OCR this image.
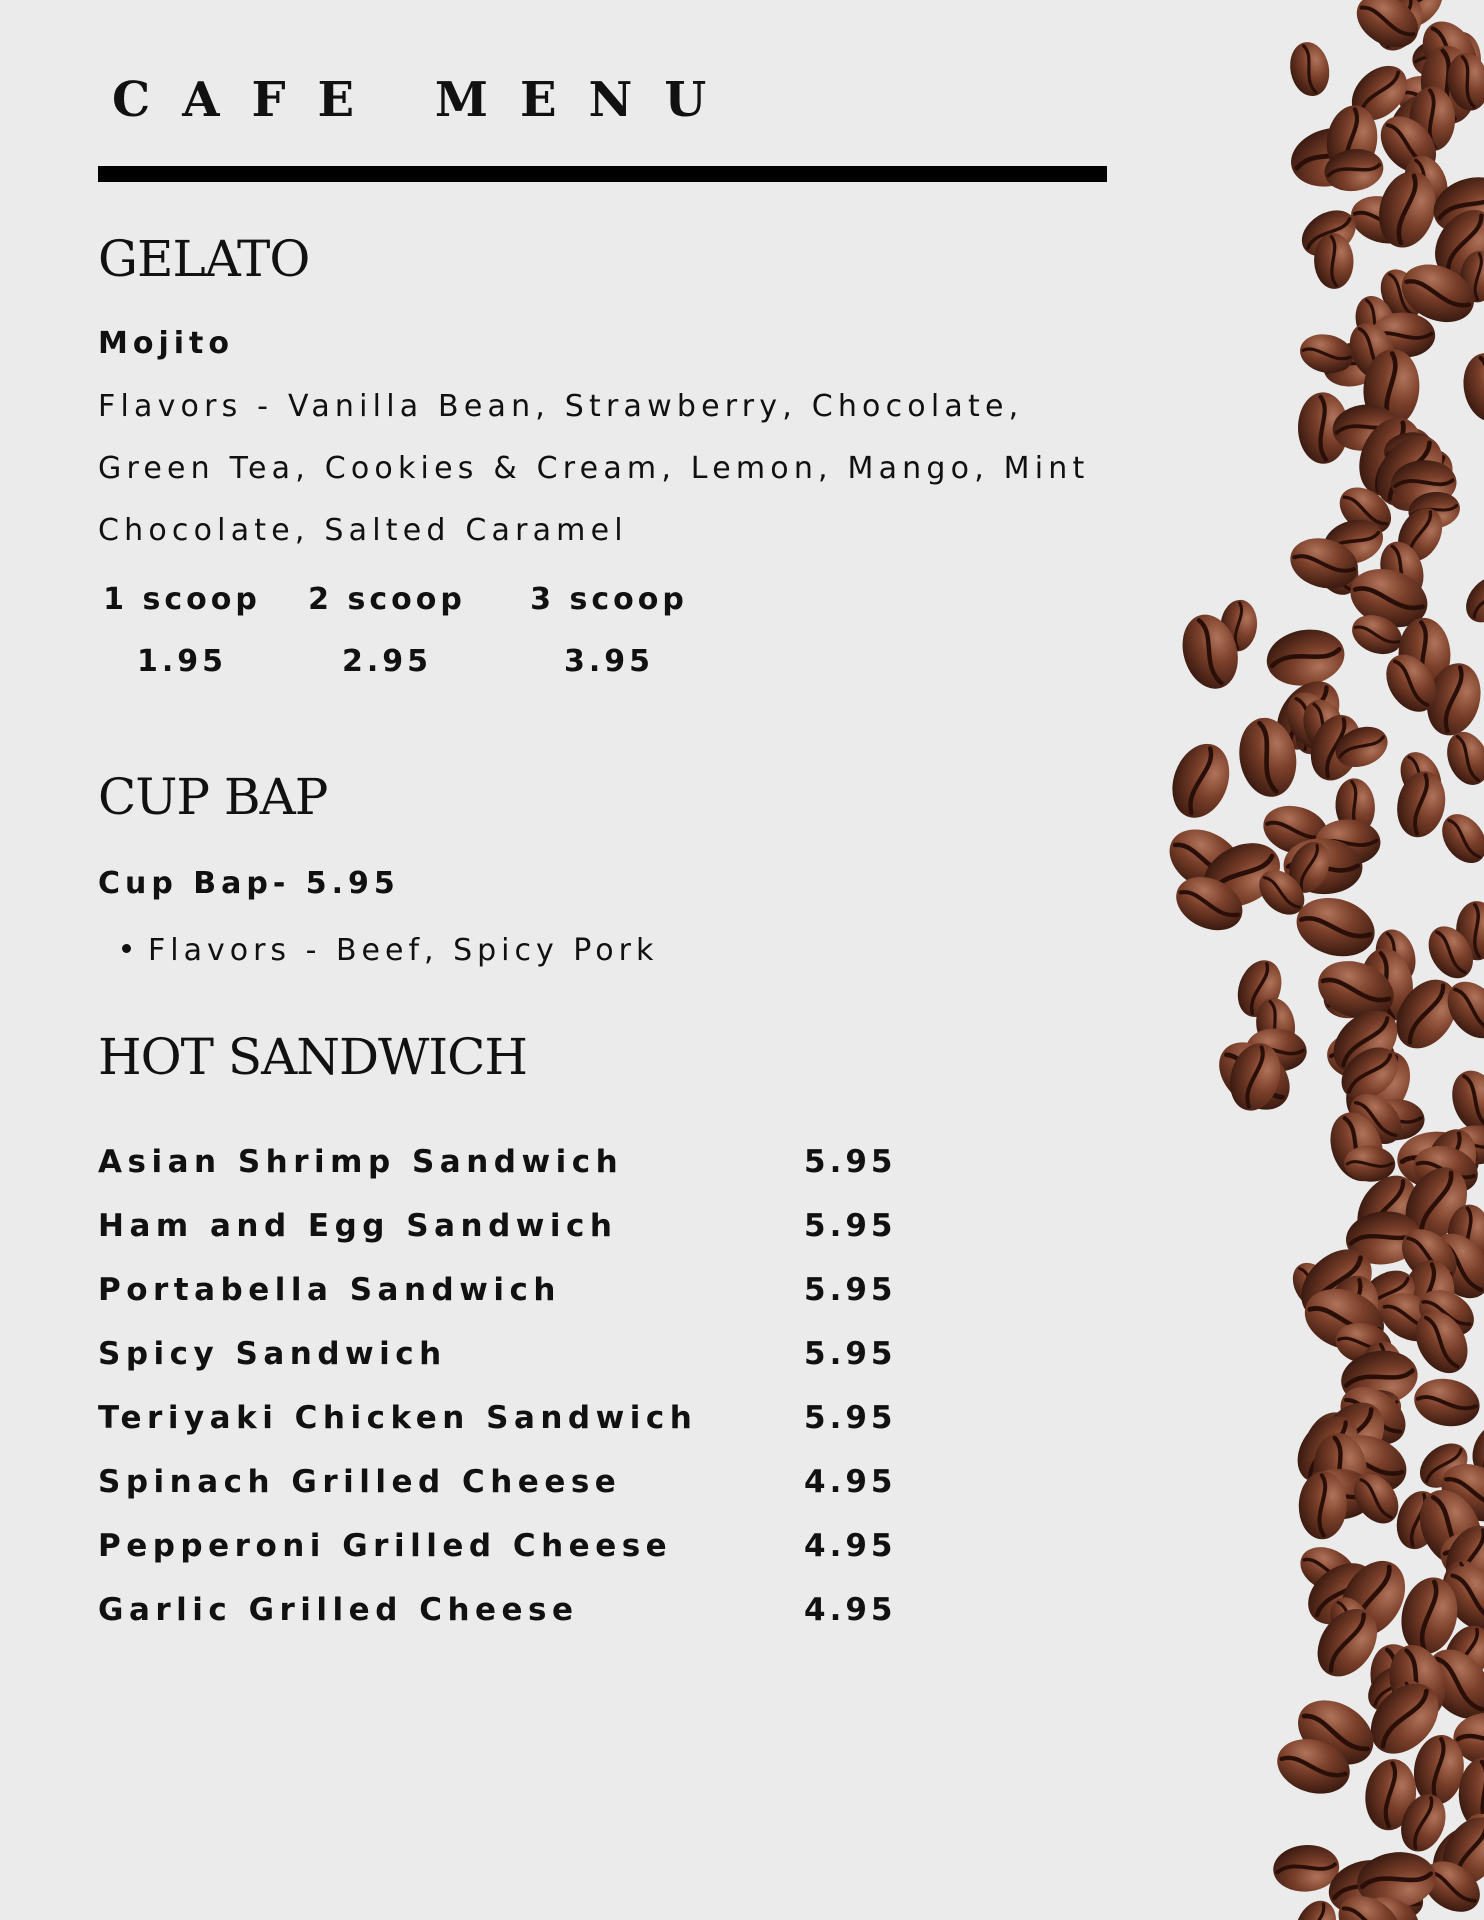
CAFE MENU
GELATO
Mojito
Flavors - Vanilla Bean, Strawberry, Chocolate,
Green Tea, Cookies & Cream, Lemon, Mango, Mint
Chocolate, Salted Caramel
1 scoop	2 scoop	3 scoop
1.95	2.95	3.95
CUP BAP
Cup Bap- 5.95
Flavors - Beef, Spicy Pork
HOT SANDWICH
Asian Shrimp Sandwich	5.95
Ham and Egg Sandwich	5.95
Portabella Sandwich	5.95
Spicy Sandwich	5.95
Teriyaki Chicken Sandwich	5.95
Spinach Grilled Cheese	4.95
Pepperoni Grilled Cheese	4.95
Garlic Grilled Cheese	4.95
